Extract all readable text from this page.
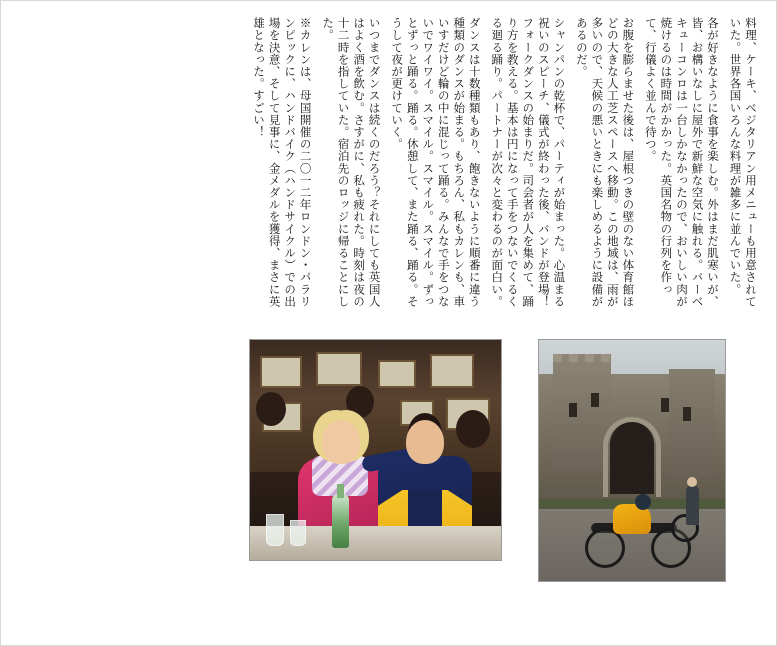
料理、ケーキ、ベジタリアン用メニューも用意されていた。世界各国いろんな料理が雑多に並んでいた。
各が好きなように食事を楽しむ。外はまだ肌寒いが、皆、お構いなしに屋外で新鮮な空気に触れる。バーベキューコンロは一台しかなかったので、おいしい肉が焼けるのは時間がかかった。英国名物の行列を作って、行儀よく並んで待つ。
お腹を膨らませた後は、屋根つきの壁のない体育館ほどの大きな人工芝スペースへ移動。この地域は、雨が多いので、天候の悪いときにも楽しめるように設備があるのだ。
シャンパンの乾杯で、パーティが始まった。心温まる祝いのスピーチ、儀式が終わった後、バンドが登場！フォークダンスの始まりだ。司会者が人を集めて、踊り方を教える。基本は円になって手をつないでくるくる廻る踊り。パートナーが次々と変わるのが面白い。
ダンスは十数種類もあり、飽きないように順番に違う種類のダンスが始まる。もちろん、私もカレンも、車いすだけど輪の中に混じって踊る。みんなで手をつないでワイワイ。スマイル。スマイル。スマイル。ずっとずっと踊る。踊る。休憩して、また踊る、踊る。そうして夜が更けていく。
いつまでダンスは続くのだろう？それにしても英国人はよく酒を飲む。さすがに、私も疲れた。時刻は夜の十二時を指していた。宿泊先のロッジに帰ることにした。
※カレンは、母国開催の二〇一二年ロンドン・パラリンピックに、ハンドバイク（ハンドサイクル）での出場を決意、そして見事に、金メダルを獲得、まさに英雄となった。すごい！
